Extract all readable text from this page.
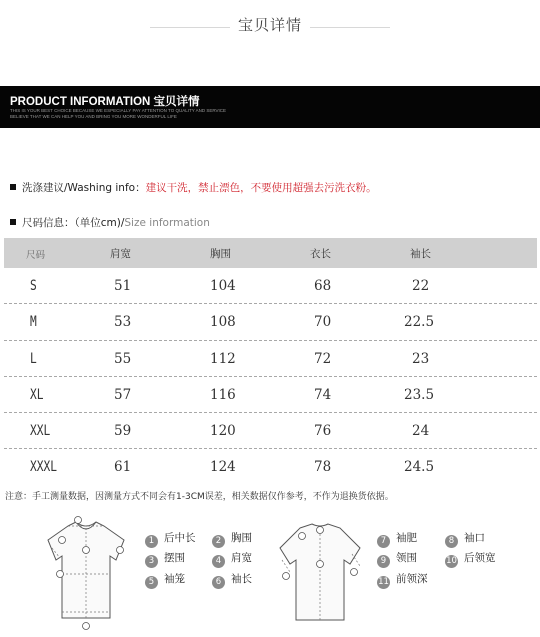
宝贝详情
PRODUCT INFORMATION 宝贝详情
THIS IS YOUR BEST CHOICE BECAUSE WE ESPECIALLY PAY ATTENTION TO QUALITY AND SERVICE
BELIEVE THAT WE CAN HELP YOU AND BRING YOU MORE WONDERFUL LIFE
洗涤建议/Washing info：建议干洗，禁止漂色，不要使用超强去污洗衣粉。
尺码信息：（单位cm)/Size information
尺码	肩宽	胸围	衣长	袖长
S	51	104	68	22
M	53	108	70	22.5
L	55	112	72	23
XL	57	116	74	23.5
XXL	59	120	76	24
XXXL	61	124	78	24.5
注意：手工测量数据，因测量方式不同会有1-3CM误差，相关数据仅作参考，不作为退换货依据。
1 后中长	2 胸围
3 摆围	4 肩宽
5 袖笼	6 袖长
7 袖肥	8 袖口
9 领围	10 后领宽
11 前领深
